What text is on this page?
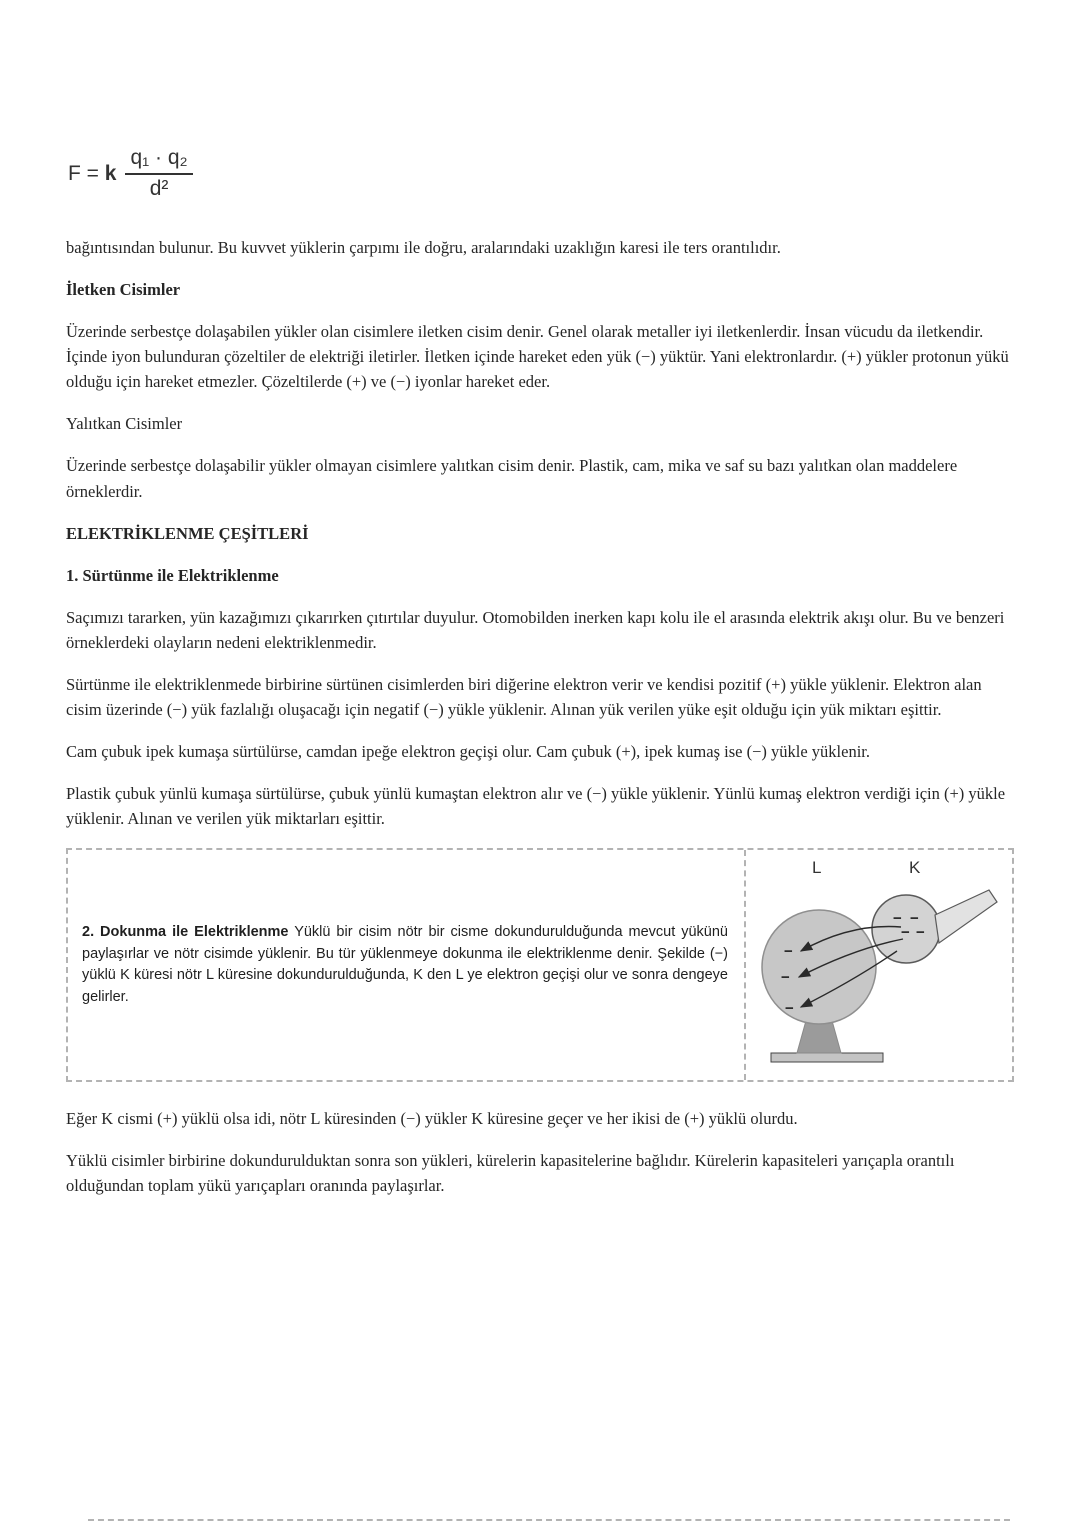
F = k $\frac{\text{q₁ · q₂}}{\text{d²}}$

bağıntısından bulunur. Bu kuvvet yüklerin çarpımı ile doğru, aralarındaki uzaklığın karesi ile ters orantılıdır.

İletken Cisimler

Üzerinde serbestçe dolaşabilen yükler olan cisimlere iletken cisim denir. Genel olarak metaller iyi iletkenlerdir. İnsan vücudu da iletkendir. İçinde iyon bulunduran çözeltiler de elektriği iletirler. İletken içinde hareket eden yük (−) yüktür. Yani elektronlardır. (+) yükler protonun yükü olduğu için hareket etmezler. Çözeltilerde (+) ve (−) iyonlar hareket eder.

Yalıtkan Cisimler

Üzerinde serbestçe dolaşabilir yükler olmayan cisimlere yalıtkan cisim denir. Plastik, cam, mika ve saf su bazı yalıtkan olan maddelere örneklerdir.

ELEKTRİKLENME ÇEŞİTLERİ
1. Sürtünme ile Elektriklenme

Saçımızı tararken, yün kazağımızı çıkarırken çıtırtılar duyulur. Otomobilden inerken kapı kolu ile el arasında elektrik akışı olur. Bu ve benzeri örneklerdeki olayların nedeni elektriklenmedir.

Sürtünme ile elektriklenmede birbirine sürtünen cisimlerden biri diğerine elektron verir ve kendisi pozitif (+) yükle yüklenir. Elektron alan cisim üzerinde (−) yük fazlalığı oluşacağı için negatif (−) yükle yüklenir. Alınan yük verilen yüke eşit olduğu için yük miktarı eşittir.

Cam çubuk ipek kumaşa sürtülürse, camdan ipeğe elektron geçişi olur. Cam çubuk (+), ipek kumaş ise (−) yükle yüklenir.

Plastik çubuk yünlü kumaşa sürtülürse, çubuk yünlü kumaştan elektron alır ve (−) yükle yüklenir. Yünlü kumaş elektron verdiği için (+) yükle yüklenir. Alınan ve verilen yük miktarları eşittir.

2. Dokunma ile Elektriklenme Yüklü bir cisim nötr bir cisme dokundurulduğunda mevcut yükünü paylaşırlar ve nötr cisimde yüklenir. Bu tür yüklenmeye dokunma ile elektriklenme denir. Şekilde (−) yüklü K küresi nötr L küresine dokundurulduğunda, K den L ye elektron geçişi olur ve sonra dengeye gelirler.

L	K
− −
− −
−
−
−

Eğer K cismi (+) yüklü olsa idi, nötr L küresinden (−) yükler K küresine geçer ve her ikisi de (+) yüklü olurdu.

Yüklü cisimler birbirine dokundurulduktan sonra son yükleri, kürelerin kapasitelerine bağlıdır. Kürelerin kapasiteleri yarıçapla orantılı olduğundan toplam yükü yarıçapları oranında paylaşırlar.
